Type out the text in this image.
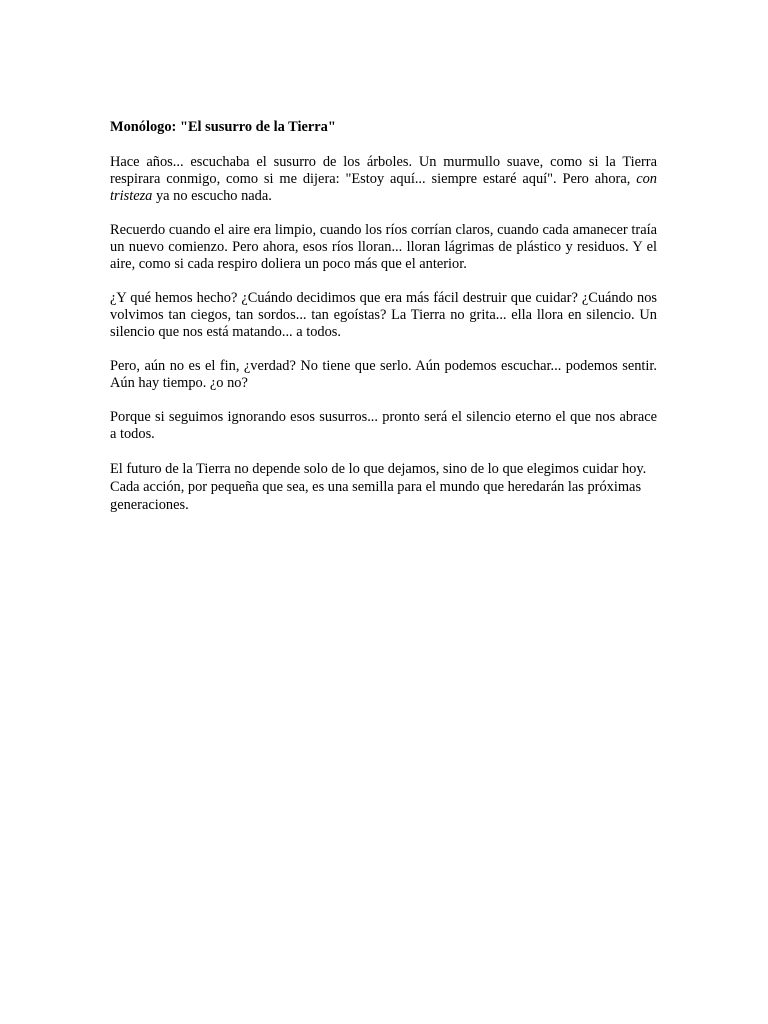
Monólogo: "El susurro de la Tierra"

Hace años... escuchaba el susurro de los árboles. Un murmullo suave, como si la Tierra respirara conmigo, como si me dijera: "Estoy aquí... siempre estaré aquí". Pero ahora, con tristeza ya no escucho nada.

Recuerdo cuando el aire era limpio, cuando los ríos corrían claros, cuando cada amanecer traía un nuevo comienzo. Pero ahora, esos ríos lloran... lloran lágrimas de plástico y residuos. Y el aire, como si cada respiro doliera un poco más que el anterior.

¿Y qué hemos hecho? ¿Cuándo decidimos que era más fácil destruir que cuidar? ¿Cuándo nos volvimos tan ciegos, tan sordos... tan egoístas? La Tierra no grita... ella llora en silencio. Un silencio que nos está matando... a todos.

Pero, aún no es el fin, ¿verdad? No tiene que serlo. Aún podemos escuchar... podemos sentir. Aún hay tiempo. ¿o no?

Porque si seguimos ignorando esos susurros... pronto será el silencio eterno el que nos abrace a todos.

El futuro de la Tierra no depende solo de lo que dejamos, sino de lo que elegimos cuidar hoy. Cada acción, por pequeña que sea, es una semilla para el mundo que heredarán las próximas generaciones.
